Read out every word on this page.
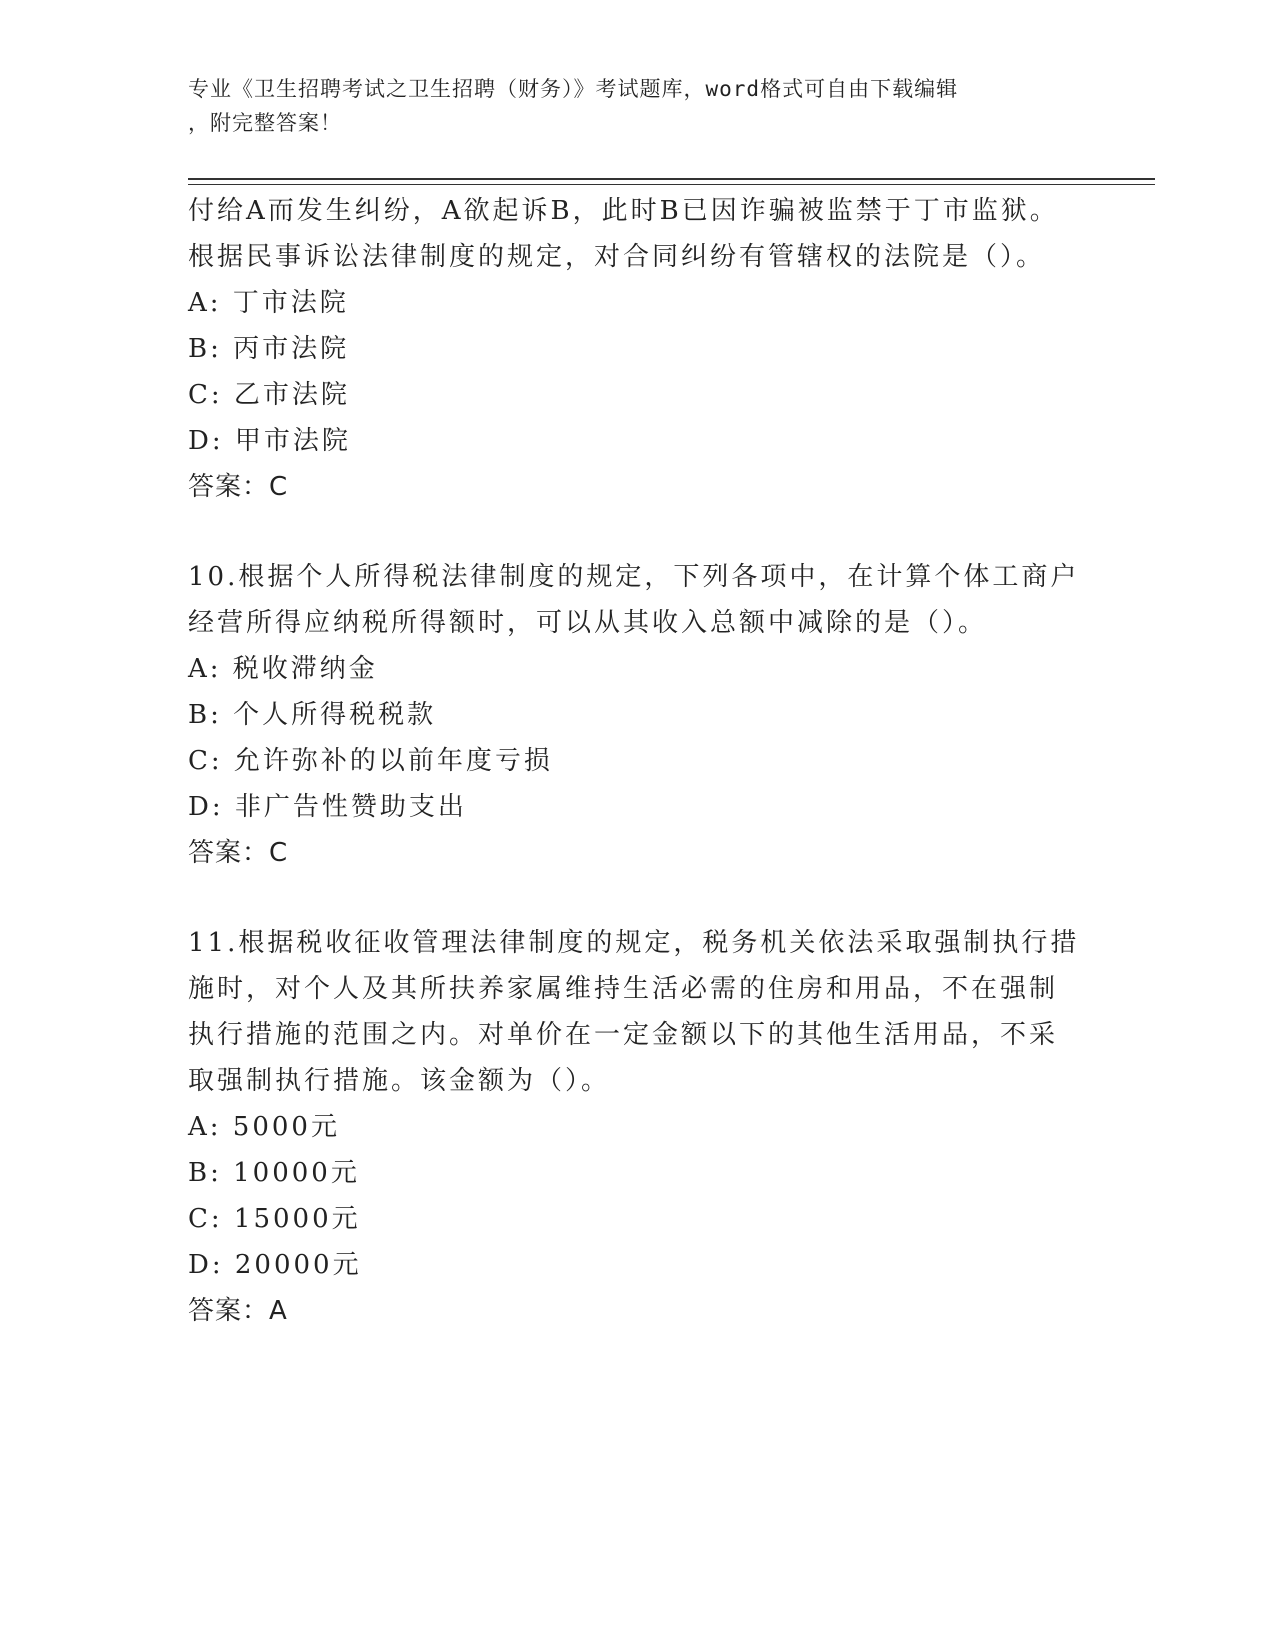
专业《卫生招聘考试之卫生招聘（财务）》考试题库，word格式可自由下载编辑
，附完整答案！
付给A而发生纠纷，A欲起诉B，此时B已因诈骗被监禁于丁市监狱。
根据民事诉讼法律制度的规定，对合同纠纷有管辖权的法院是（）。
A: 丁市法院
B: 丙市法院
C: 乙市法院
D: 甲市法院
答案：C
10.根据个人所得税法律制度的规定，下列各项中，在计算个体工商户
经营所得应纳税所得额时，可以从其收入总额中减除的是（）。
A: 税收滞纳金
B: 个人所得税税款
C: 允许弥补的以前年度亏损
D: 非广告性赞助支出
答案：C
11.根据税收征收管理法律制度的规定，税务机关依法采取强制执行措
施时，对个人及其所扶养家属维持生活必需的住房和用品，不在强制
执行措施的范围之内。对单价在一定金额以下的其他生活用品，不采
取强制执行措施。该金额为（）。
A: 5000元
B: 10000元
C: 15000元
D: 20000元
答案：A
